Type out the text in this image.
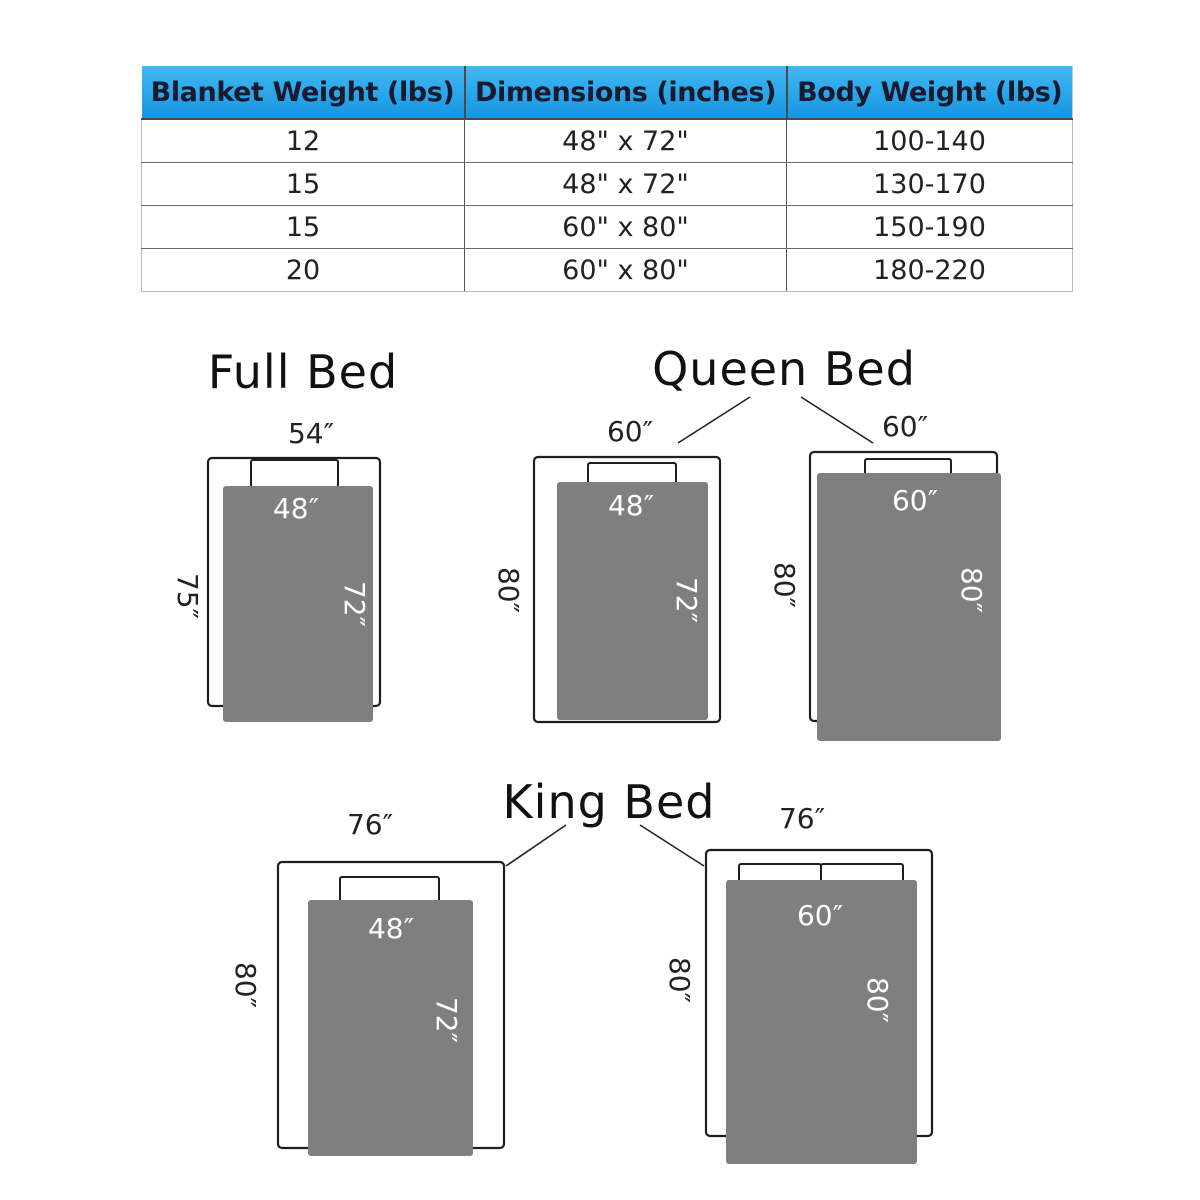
Blanket Weight (lbs)	Dimensions (inches)	Body Weight (lbs)
12	48" x 72"	100-140
15	48" x 72"	130-170
15	60" x 80"	150-190
20	60" x 80"	180-220
Full Bed
54″
48″
72″
75″
Queen Bed
60″
48″
72″
80″
60″
60″
80″
80″
King Bed
76″
48″
72″
80″
76″
60″
80″
80″
